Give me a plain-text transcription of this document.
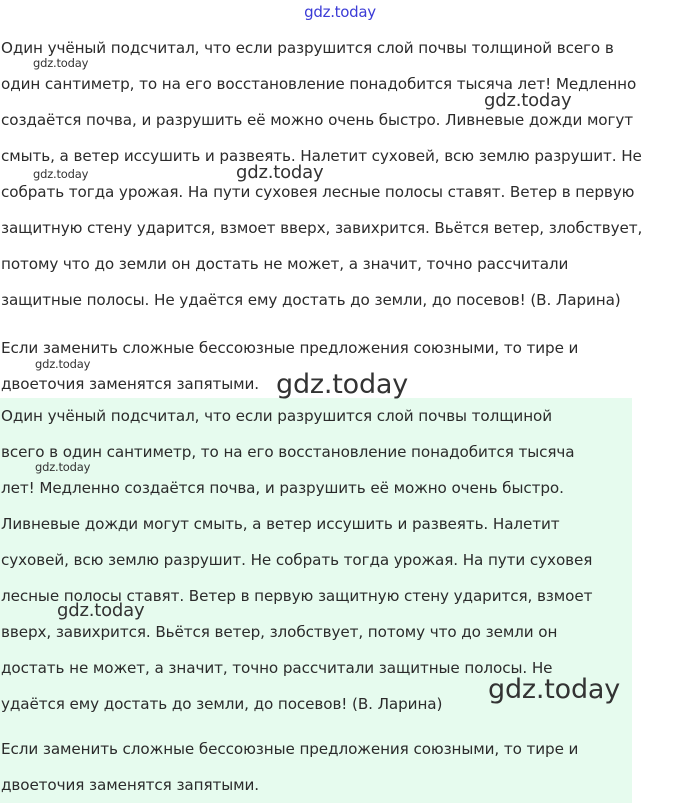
gdz.today

Один учёный подсчитал, что если разрушится слой почвы толщиной всего в
один сантиметр, то на его восстановление понадобится тысяча лет! Медленно
создаётся почва, и разрушить её можно очень быстро. Ливневые дожди могут
смыть, а ветер иссушить и развеять. Налетит суховей, всю землю разрушит. Не
собрать тогда урожая. На пути суховея лесные полосы ставят. Ветер в первую
защитную стену ударится, взмоет вверх, завихрится. Вьётся ветер, злобствует,
потому что до земли он достать не может, а значит, точно рассчитали
защитные полосы. Не удаётся ему достать до земли, до посевов! (В. Ларина)

Если заменить сложные бессоюзные предложения союзными, то тире и
двоеточия заменятся запятыми.

Один учёный подсчитал, что если разрушится слой почвы толщиной
всего в один сантиметр, то на его восстановление понадобится тысяча
лет! Медленно создаётся почва, и разрушить её можно очень быстро.
Ливневые дожди могут смыть, а ветер иссушить и развеять. Налетит
суховей, всю землю разрушит. Не собрать тогда урожая. На пути суховея
лесные полосы ставят. Ветер в первую защитную стену ударится, взмоет
вверх, завихрится. Вьётся ветер, злобствует, потому что до земли он
достать не может, а значит, точно рассчитали защитные полосы. Не
удаётся ему достать до земли, до посевов! (В. Ларина)

Если заменить сложные бессоюзные предложения союзными, то тире и
двоеточия заменятся запятыми.

gdz.today
gdz.today
gdz.today	gdz.today
gdz.today
gdz.today
gdz.today
gdz.today
gdz.today
